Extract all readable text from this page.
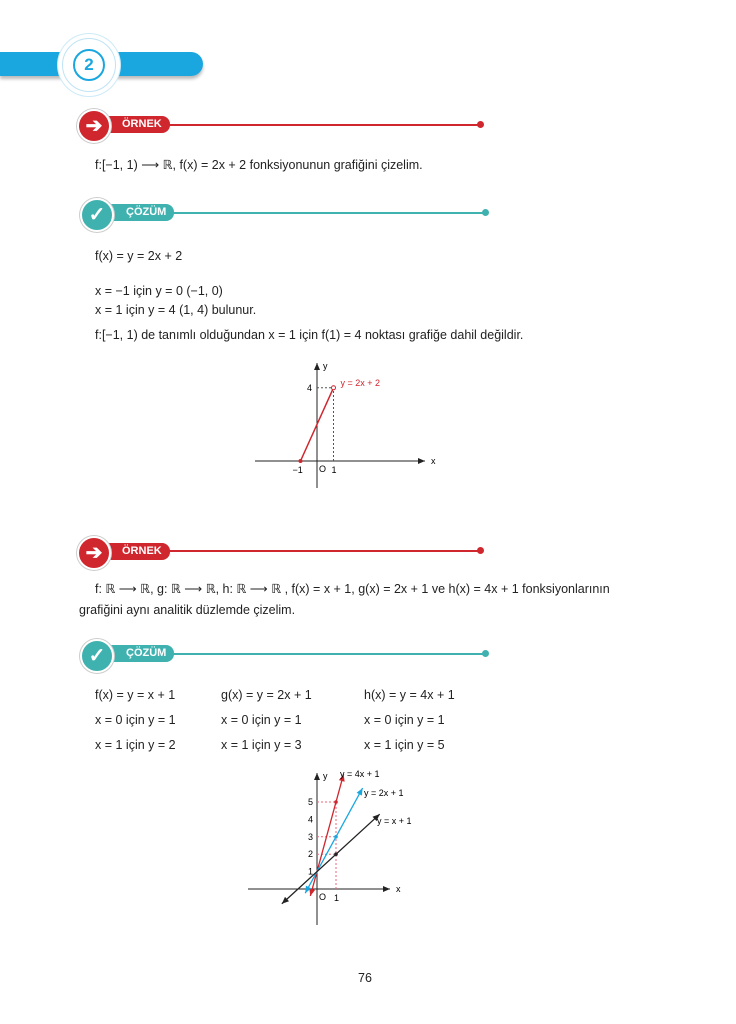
2
ÖRNEK
➔
f:[−1, 1) ⟶ ℝ, f(x) = 2x + 2 fonksiyonunun grafiğini çizelim.
ÇÖZÜM
✓
f(x) = y = 2x + 2
x = −1 için y = 0 (−1, 0)
x = 1 için y = 4 (1, 4) bulunur.
f:[−1, 1) de tanımlı olduğundan x = 1 için f(1) = 4 noktası grafiğe dahil değildir.
x
y
O
y = 2x + 2
−1	1
4
ÖRNEK
➔
f: ℝ ⟶ ℝ, g: ℝ ⟶ ℝ, h: ℝ ⟶ ℝ , f(x) = x + 1, g(x) = 2x + 1 ve h(x) = 4x + 1 fonksiyonlarının
grafiğini aynı analitik düzlemde çizelim.
ÇÖZÜM
✓
f(x) = y = x + 1
x = 0 için y = 1
x = 1 için y = 2
g(x) = y = 2x + 1
x = 0 için y = 1
x = 1 için y = 3
h(x) = y = 4x + 1
x = 0 için y = 1
x = 1 için y = 5
x
y
O
1
2
3
4
5
1
y = 4x + 1
y = 2x + 1
y = x + 1
76
